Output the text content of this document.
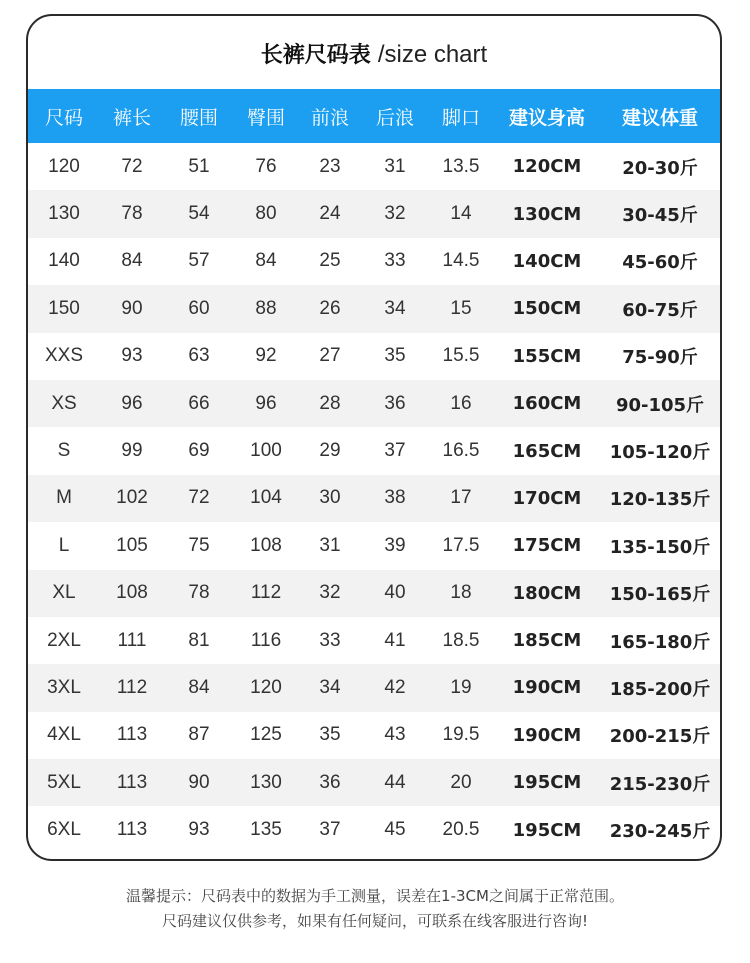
长裤尺码表 /size chart
尺码	裤长	腰围	臀围	前浪	后浪	脚口	建议身高	建议体重
120	72	51	76	23	31	13.5	120CM	20-30斤
130	78	54	80	24	32	14	130CM	30-45斤
140	84	57	84	25	33	14.5	140CM	45-60斤
150	90	60	88	26	34	15	150CM	60-75斤
XXS	93	63	92	27	35	15.5	155CM	75-90斤
XS	96	66	96	28	36	16	160CM	90-105斤
S	99	69	100	29	37	16.5	165CM	105-120斤
M	102	72	104	30	38	17	170CM	120-135斤
L	105	75	108	31	39	17.5	175CM	135-150斤
XL	108	78	112	32	40	18	180CM	150-165斤
2XL	111	81	116	33	41	18.5	185CM	165-180斤
3XL	112	84	120	34	42	19	190CM	185-200斤
4XL	113	87	125	35	43	19.5	190CM	200-215斤
5XL	113	90	130	36	44	20	195CM	215-230斤
6XL	113	93	135	37	45	20.5	195CM	230-245斤
温馨提示：尺码表中的数据为手工测量，误差在1-3CM之间属于正常范围。
尺码建议仅供参考，如果有任何疑问，可联系在线客服进行咨询!
